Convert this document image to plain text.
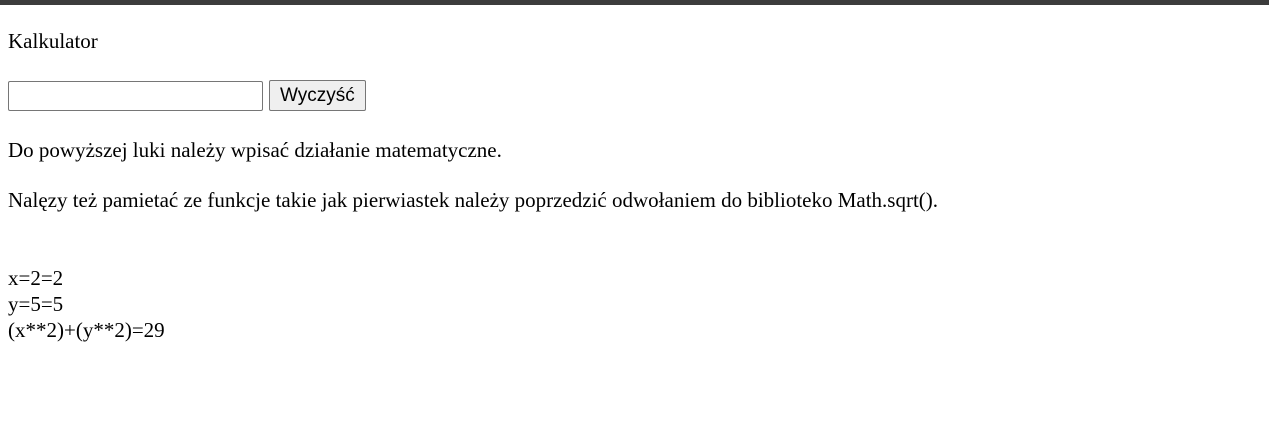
Kalkulator
Wyczyść
Do powyższej luki należy wpisać działanie matematyczne.
Nalęzy też pamietać ze funkcje takie jak pierwiastek należy poprzedzić odwołaniem do biblioteko Math.sqrt().
x=2=2
y=5=5
(x**2)+(y**2)=29
